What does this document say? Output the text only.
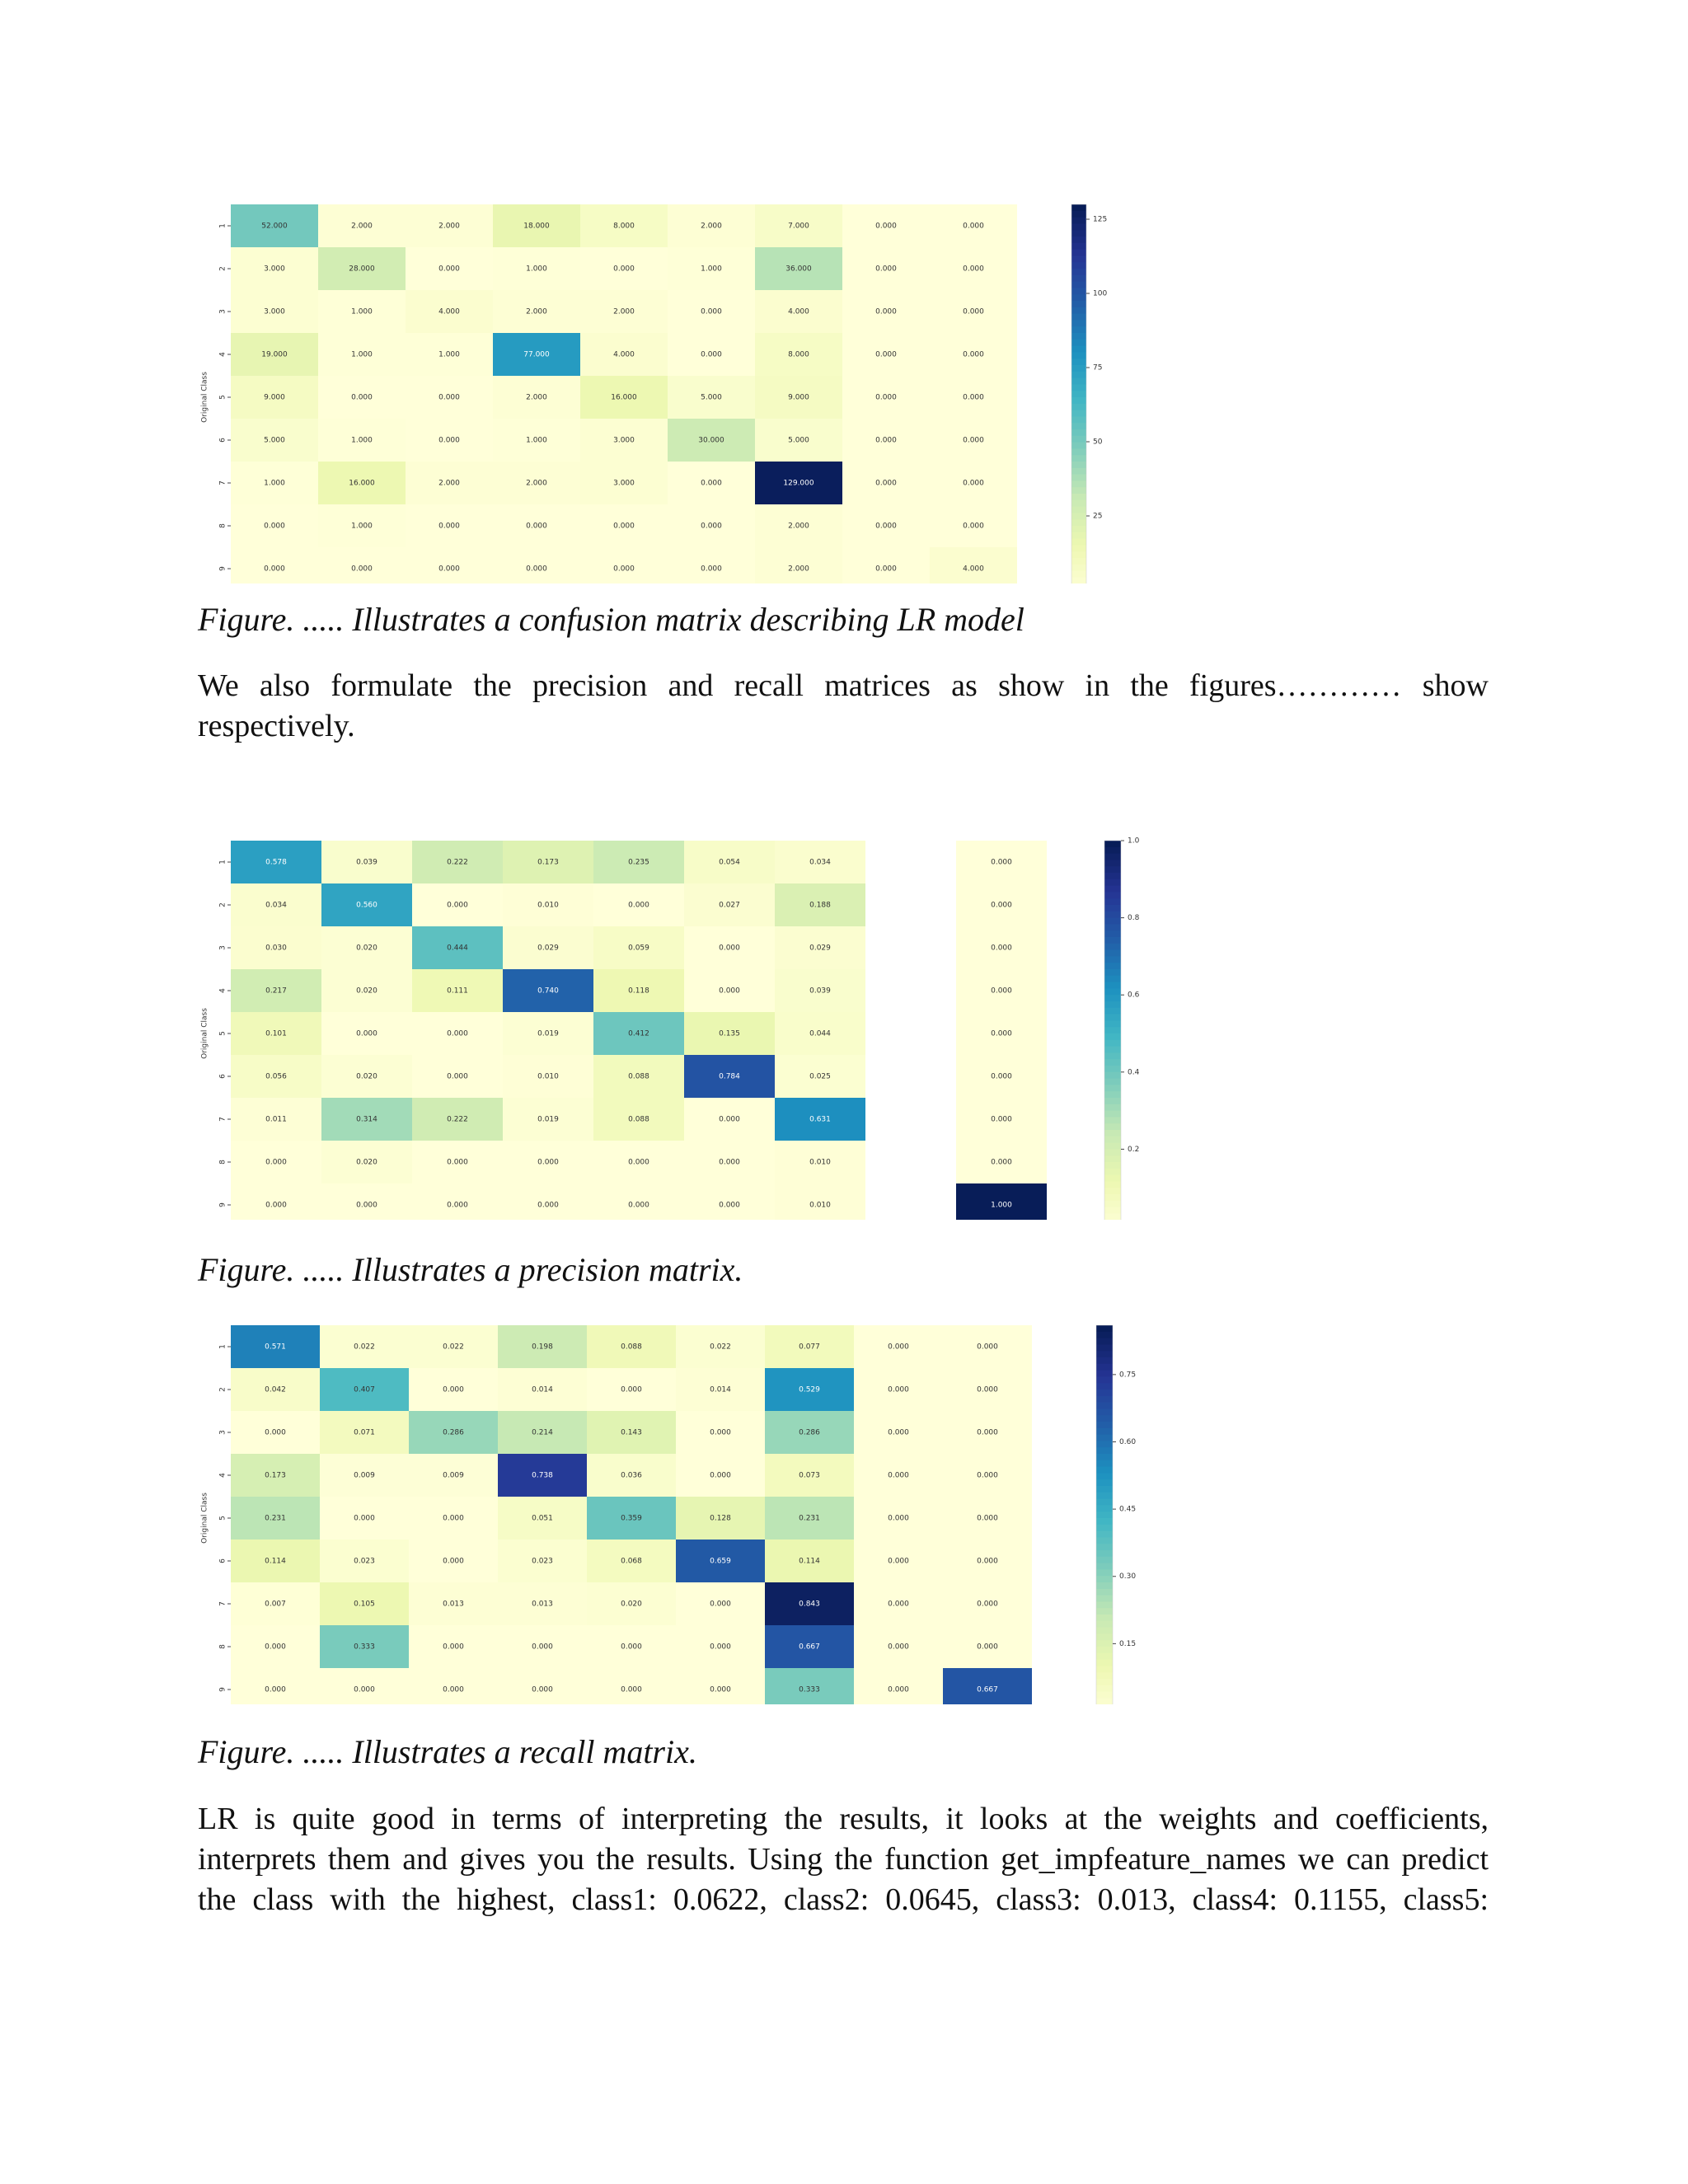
52.000	2.000	2.000	18.000	8.000	2.000	7.000	0.000	0.000
3.000	28.000	0.000	1.000	0.000	1.000	36.000	0.000	0.000
3.000	1.000	4.000	2.000	2.000	0.000	4.000	0.000	0.000
19.000	1.000	1.000	77.000	4.000	0.000	8.000	0.000	0.000
9.000	0.000	0.000	2.000	16.000	5.000	9.000	0.000	0.000
5.000	1.000	0.000	1.000	3.000	30.000	5.000	0.000	0.000
1.000	16.000	2.000	2.000	3.000	0.000	129.000	0.000	0.000
0.000	1.000	0.000	0.000	0.000	0.000	2.000	0.000	0.000
0.000	0.000	0.000	0.000	0.000	0.000	2.000	0.000	4.000
1
2
3
4
5
6
7
8
9
Original Class
25
50
75
100
125
Figure. ..... Illustrates a confusion matrix describing LR model
We also formulate the precision and recall matrices as show in the figures………… show
respectively.
0.578	0.039	0.222	0.173	0.235	0.054	0.034	0.000
0.034	0.560	0.000	0.010	0.000	0.027	0.188	0.000
0.030	0.020	0.444	0.029	0.059	0.000	0.029	0.000
0.217	0.020	0.111	0.740	0.118	0.000	0.039	0.000
0.101	0.000	0.000	0.019	0.412	0.135	0.044	0.000
0.056	0.020	0.000	0.010	0.088	0.784	0.025	0.000
0.011	0.314	0.222	0.019	0.088	0.000	0.631	0.000
0.000	0.020	0.000	0.000	0.000	0.000	0.010	0.000
0.000	0.000	0.000	0.000	0.000	0.000	0.010	1.000
1
2
3
4
5
6
7
8
9
Original Class
0.2
0.4
0.6
0.8
1.0
Figure. ..... Illustrates a precision matrix.
0.571	0.022	0.022	0.198	0.088	0.022	0.077	0.000	0.000
0.042	0.407	0.000	0.014	0.000	0.014	0.529	0.000	0.000
0.000	0.071	0.286	0.214	0.143	0.000	0.286	0.000	0.000
0.173	0.009	0.009	0.738	0.036	0.000	0.073	0.000	0.000
0.231	0.000	0.000	0.051	0.359	0.128	0.231	0.000	0.000
0.114	0.023	0.000	0.023	0.068	0.659	0.114	0.000	0.000
0.007	0.105	0.013	0.013	0.020	0.000	0.843	0.000	0.000
0.000	0.333	0.000	0.000	0.000	0.000	0.667	0.000	0.000
0.000	0.000	0.000	0.000	0.000	0.000	0.333	0.000	0.667
1
2
3
4
5
6
7
8
9
Original Class
0.15
0.30
0.45
0.60
0.75
Figure. ..... Illustrates a recall matrix.
LR is quite good in terms of interpreting the results, it looks at the weights and coefficients,
interprets them and gives you the results. Using the function get_impfeature_names we can predict
the class with the highest, class1: 0.0622, class2: 0.0645, class3: 0.013, class4: 0.1155, class5:
